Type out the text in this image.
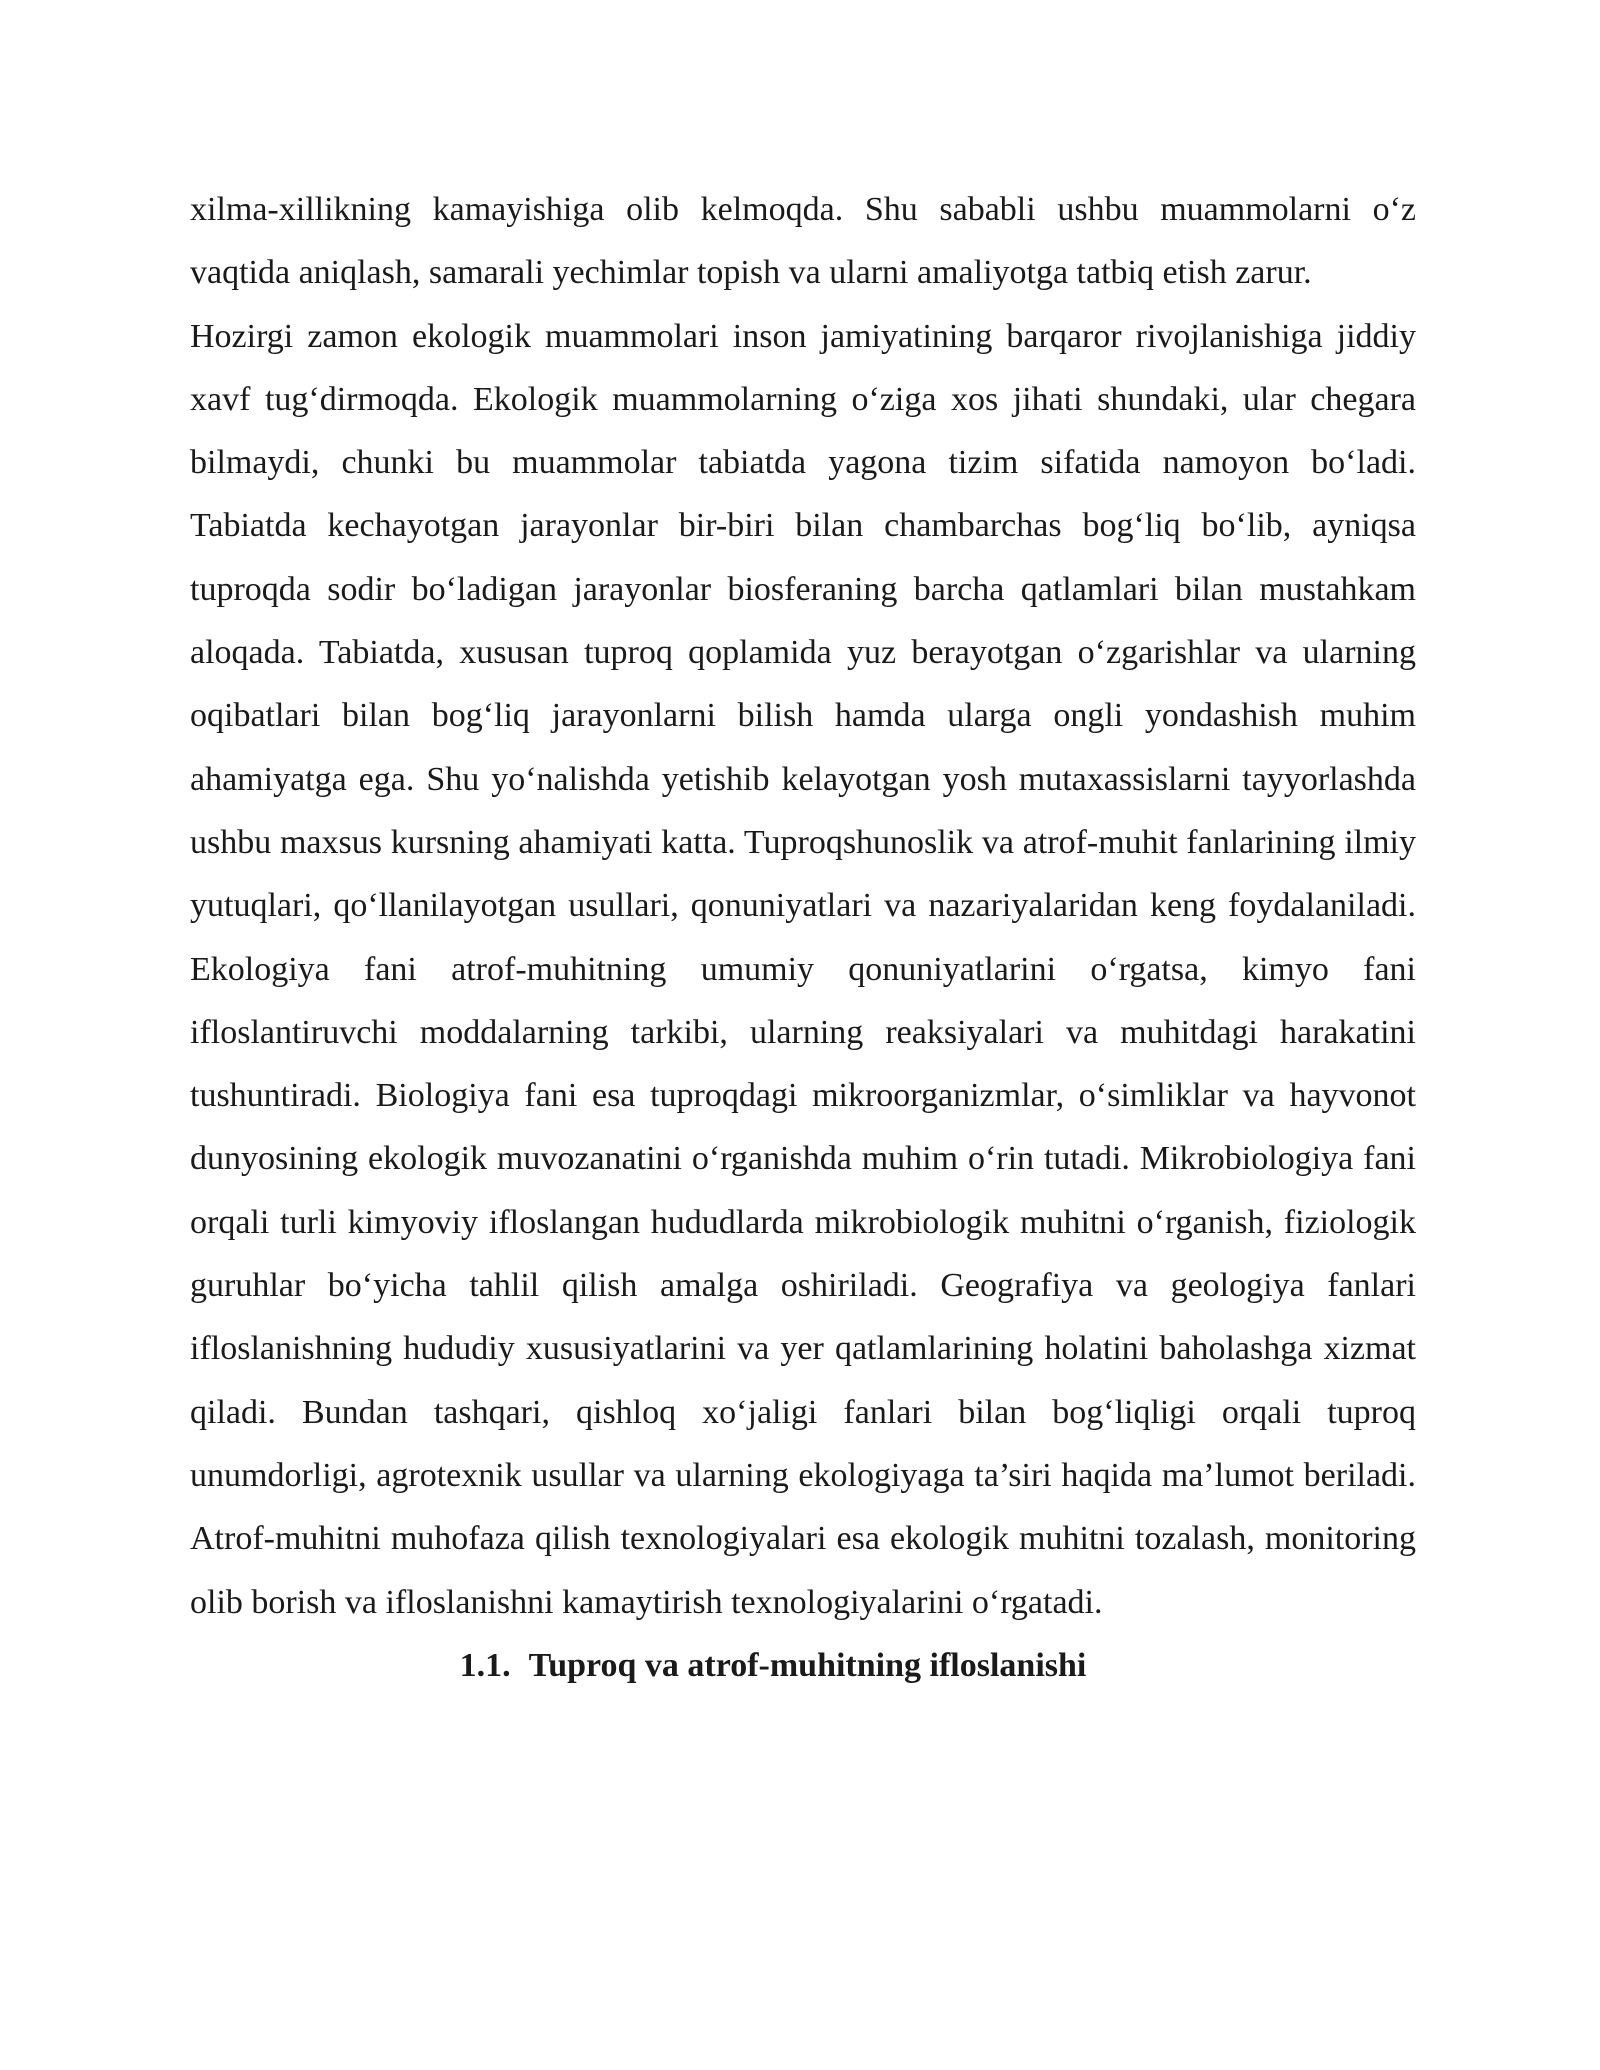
xilma-xillikning kamayishiga olib kelmoqda. Shu sababli ushbu muammolarni o‘z vaqtida aniqlash, samarali yechimlar topish va ularni amaliyotga tatbiq etish zarur.

Hozirgi zamon ekologik muammolari inson jamiyatining barqaror rivojlanishiga jiddiy xavf tug‘dirmoqda. Ekologik muammolarning o‘ziga xos jihati shundaki, ular chegara bilmaydi, chunki bu muammolar tabiatda yagona tizim sifatida namoyon bo‘ladi. Tabiatda kechayotgan jarayonlar bir-biri bilan chambarchas bog‘liq bo‘lib, ayniqsa tuproqda sodir bo‘ladigan jarayonlar biosferaning barcha qatlamlari bilan mustahkam aloqada. Tabiatda, xususan tuproq qoplamida yuz berayotgan o‘zgarishlar va ularning oqibatlari bilan bog‘liq jarayonlarni bilish hamda ularga ongli yondashish muhim ahamiyatga ega. Shu yo‘nalishda yetishib kelayotgan yosh mutaxassislarni tayyorlashda ushbu maxsus kursning ahamiyati katta. Tuproqshunoslik va atrof-muhit fanlarining ilmiy yutuqlari, qo‘llanilayotgan usullari, qonuniyatlari va nazariyalaridan keng foydalaniladi. Ekologiya fani atrof-muhitning umumiy qonuniyatlarini o‘rgatsa, kimyo fani ifloslantiruvchi moddalarning tarkibi, ularning reaksiyalari va muhitdagi harakatini tushuntiradi. Biologiya fani esa tuproqdagi mikroorganizmlar, o‘simliklar va hayvonot dunyosining ekologik muvozanatini o‘rganishda muhim o‘rin tutadi. Mikrobiologiya fani orqali turli kimyoviy ifloslangan hududlarda mikrobiologik muhitni o‘rganish, fiziologik guruhlar bo‘yicha tahlil qilish amalga oshiriladi. Geografiya va geologiya fanlari ifloslanishning hududiy xususiyatlarini va yer qatlamlarining holatini baholashga xizmat qiladi. Bundan tashqari, qishloq xo‘jaligi fanlari bilan bog‘liqligi orqali tuproq unumdorligi, agrotexnik usullar va ularning ekologiyaga ta’siri haqida ma’lumot beriladi. Atrof-muhitni muhofaza qilish texnologiyalari esa ekologik muhitni tozalash, monitoring olib borish va ifloslanishni kamaytirish texnologiyalarini o‘rgatadi.

1.1. Tuproq va atrof-muhitning ifloslanishi
